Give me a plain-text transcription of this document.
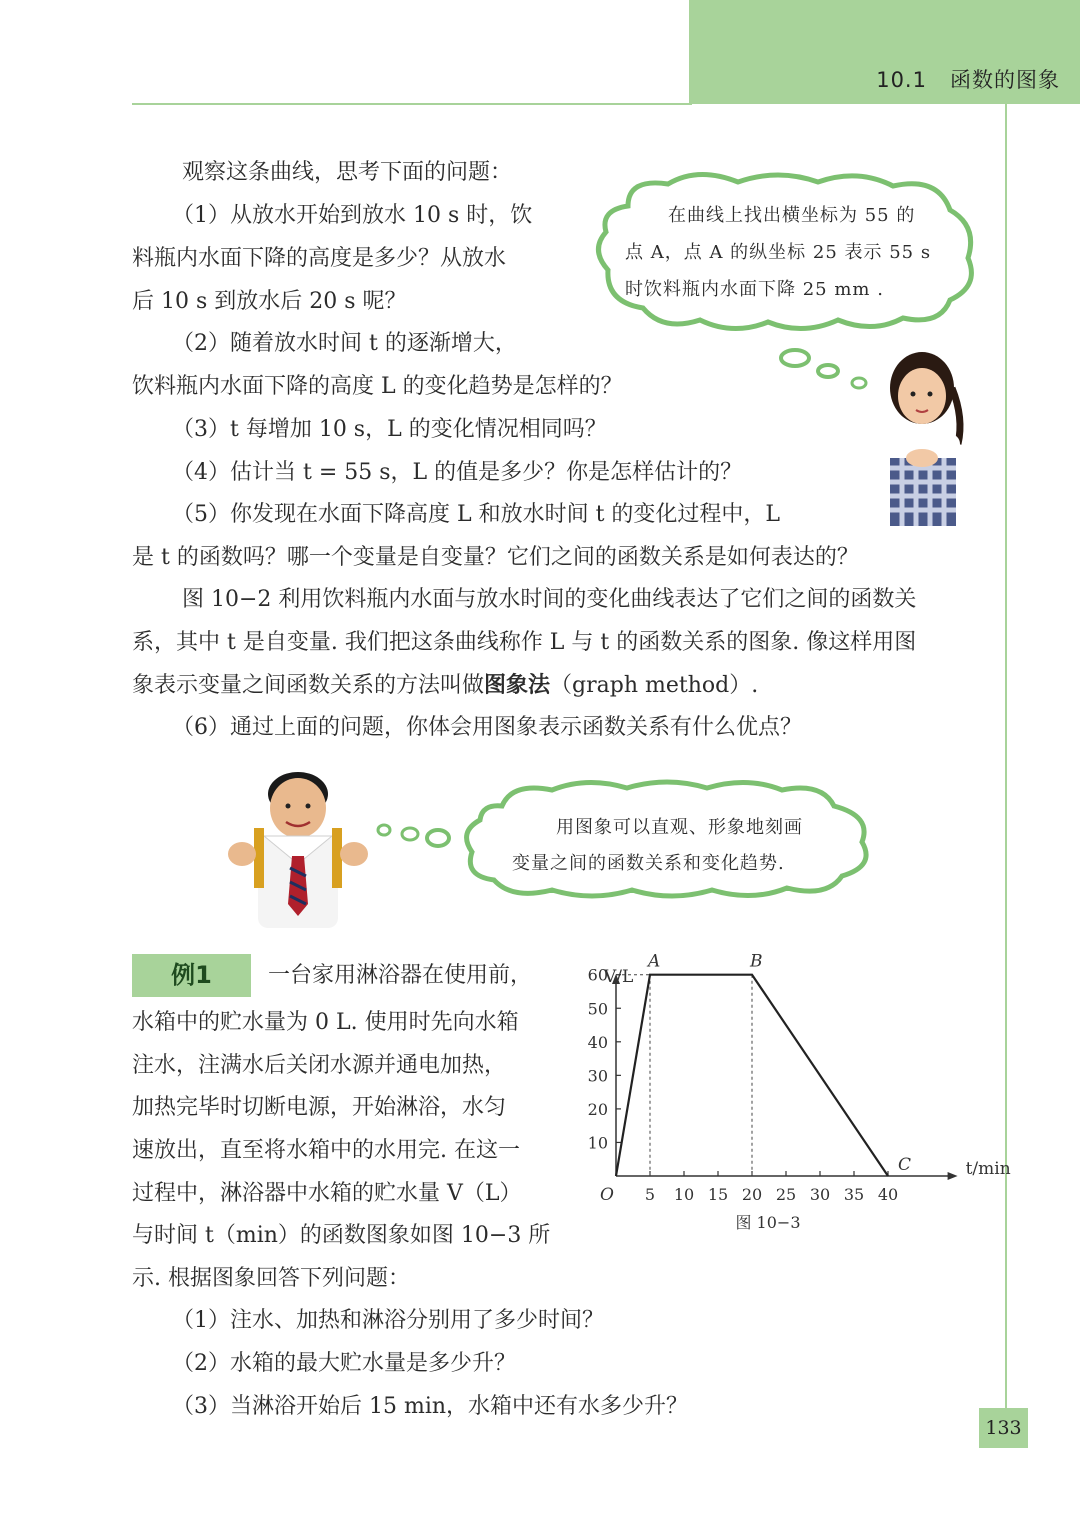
10.1 函数的图象
观察这条曲线，思考下面的问题：
（1）从放水开始到放水 10 s 时，饮
料瓶内水面下降的高度是多少？从放水
后 10 s 到放水后 20 s 呢？
（2）随着放水时间 t 的逐渐增大，
饮料瓶内水面下降的高度 L 的变化趋势是怎样的？
（3）t 每增加 10 s，L 的变化情况相同吗？
（4）估计当 t = 55 s，L 的值是多少？你是怎样估计的？
（5）你发现在水面下降高度 L 和放水时间 t 的变化过程中，L
是 t 的函数吗？哪一个变量是自变量？它们之间的函数关系是如何表达的？
在曲线上找出横坐标为 55 的
点 A，点 A 的纵坐标 25 表示 55 s
时饮料瓶内水面下降 25 mm .
图 10−2 利用饮料瓶内水面与放水时间的变化曲线表达了它们之间的函数关
系，其中 t 是自变量. 我们把这条曲线称作 L 与 t 的函数关系的图象. 像这样用图
象表示变量之间函数关系的方法叫做图象法（graph method）.
（6）通过上面的问题，你体会用图象表示函数关系有什么优点？
用图象可以直观、形象地刻画
变量之间的函数关系和变化趋势.
例1	一台家用淋浴器在使用前，
水箱中的贮水量为 0 L. 使用时先向水箱
注水，注满水后关闭水源并通电加热，
加热完毕时切断电源，开始淋浴，水匀
速放出，直至将水箱中的水用完. 在这一
过程中，淋浴器中水箱的贮水量 V（L）
与时间 t（min）的函数图象如图 10−3 所
示. 根据图象回答下列问题：
（1）注水、加热和淋浴分别用了多少时间？
（2）水箱的最大贮水量是多少升？
（3）当淋浴开始后 15 min，水箱中还有水多少升？
V/L
t/min
O 5 10 15 20 25 30 35 40
10
20
30
40
50
60
A	B
C
图 10−3
133
